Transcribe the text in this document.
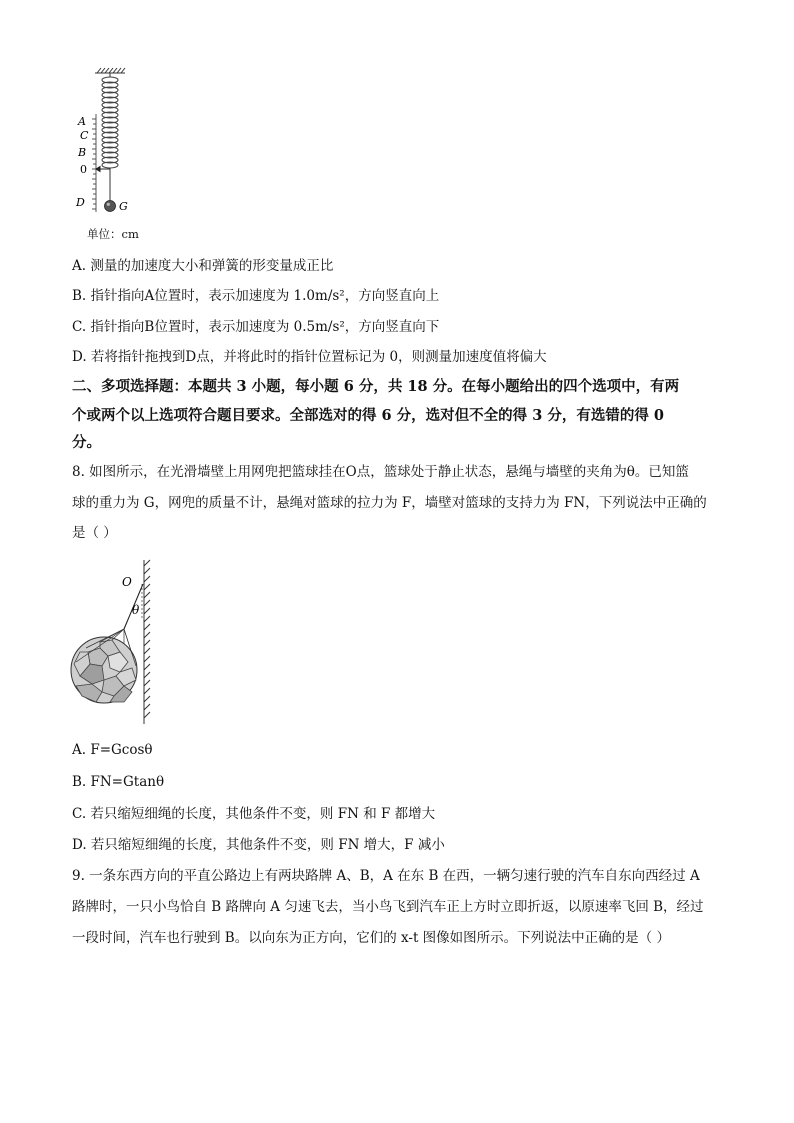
A
C
B
0
D	G
单位：cm
A. 测量的加速度大小和弹簧的形变量成正比
B. 指针指向A位置时，表示加速度为 1.0m/s²，方向竖直向上
C. 指针指向B位置时，表示加速度为 0.5m/s²，方向竖直向下
D. 若将指针拖拽到D点，并将此时的指针位置标记为 0，则测量加速度值将偏大
二、多项选择题：本题共 3 小题，每小题 6 分，共 18 分。在每小题给出的四个选项中，有两
个或两个以上选项符合题目要求。全部选对的得 6 分，选对但不全的得 3 分，有选错的得 0
分。
8. 如图所示，在光滑墙壁上用网兜把篮球挂在O点，篮球处于静止状态，悬绳与墙壁的夹角为θ。已知篮
球的重力为 G，网兜的质量不计，悬绳对篮球的拉力为 F，墙壁对篮球的支持力为 FN，下列说法中正确的
是（ ）
O
θ
A. F=Gcosθ
B. FN=Gtanθ
C. 若只缩短细绳的长度，其他条件不变，则 FN 和 F 都增大
D. 若只缩短细绳的长度，其他条件不变，则 FN 增大，F 减小
9. 一条东西方向的平直公路边上有两块路牌 A、B，A 在东 B 在西，一辆匀速行驶的汽车自东向西经过 A
路牌时，一只小鸟恰自 B 路牌向 A 匀速飞去，当小鸟飞到汽车正上方时立即折返，以原速率飞回 B，经过
一段时间，汽车也行驶到 B。以向东为正方向，它们的 x-t 图像如图所示。下列说法中正确的是（ ）
